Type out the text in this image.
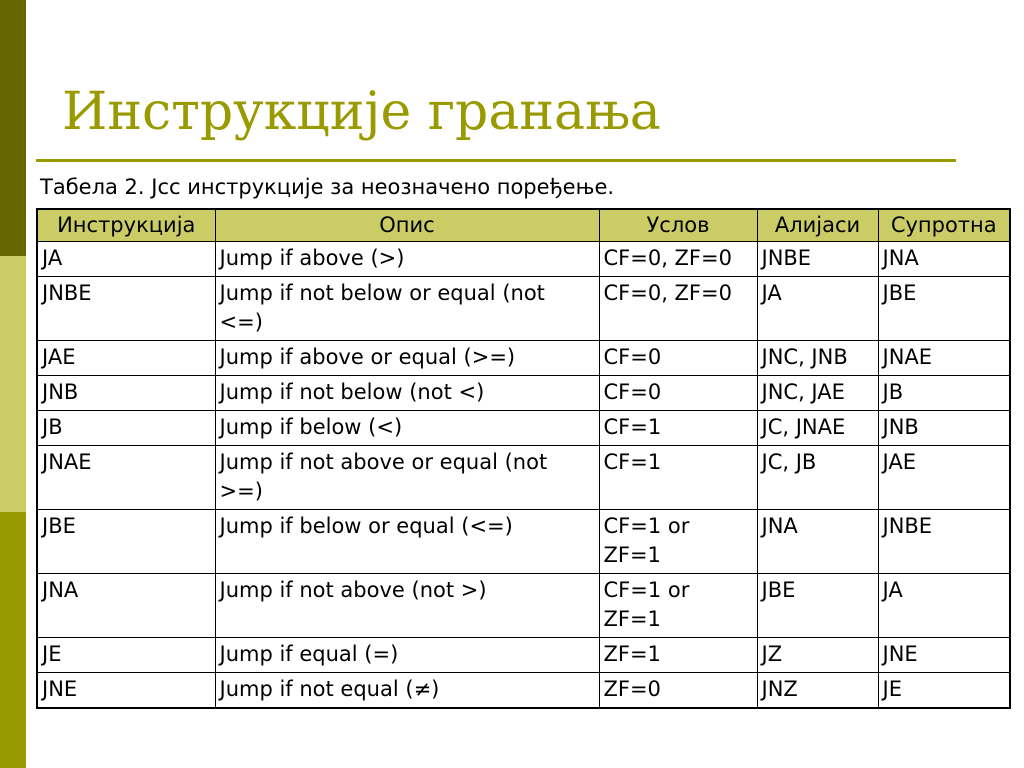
Инструкције гранања
Табела 2. Jcc инструкције за неозначено поређење.
Инструкција	Опис	Услов	Алијаси	Супротна
JA	Jump if above (>)	CF=0, ZF=0	JNBE	JNA
JNBE	Jump if not below or equal (not <=)	CF=0, ZF=0	JA	JBE
JAE	Jump if above or equal (>=)	CF=0	JNC, JNB	JNAE
JNB	Jump if not below (not <)	CF=0	JNC, JAE	JB
JB	Jump if below (<)	CF=1	JC, JNAE	JNB
JNAE	Jump if not above or equal (not >=)	CF=1	JC, JB	JAE
JBE	Jump if below or equal (<=)	CF=1 or ZF=1	JNA	JNBE
JNA	Jump if not above (not >)	CF=1 or ZF=1	JBE	JA
JE	Jump if equal (=)	ZF=1	JZ	JNE
JNE	Jump if not equal (≠)	ZF=0	JNZ	JE
